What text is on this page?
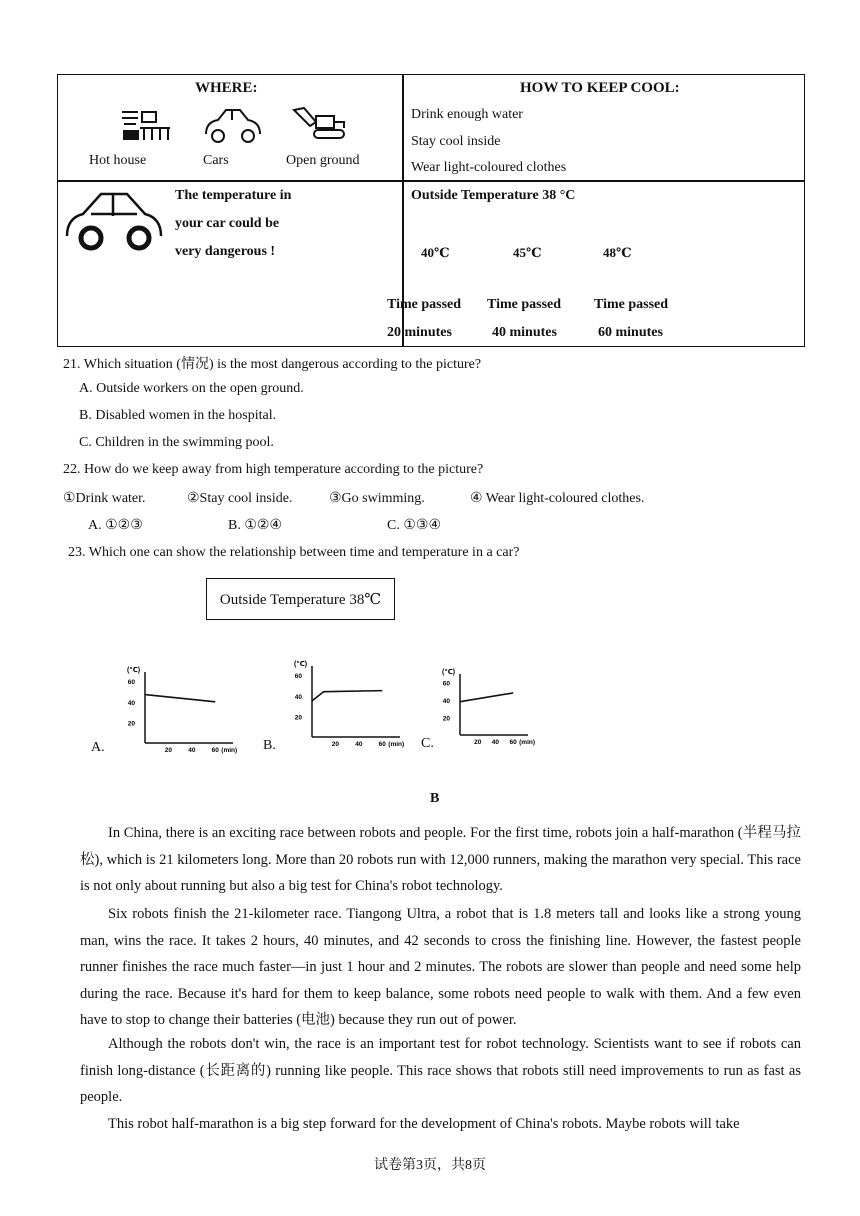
WHERE:	HOW TO KEEP COOL:
Hot house	Cars	Open ground
Drink enough water
Stay cool inside
Wear light-coloured clothes
The temperature in
your car could be
very dangerous !
Outside Temperature 38 °C
40℃	45℃	48℃
Time passed Time passed Time passed
20 minutes	40 minutes	60 minutes
21. Which situation (情况) is the most dangerous according to the picture?
A. Outside workers on the open ground.
B. Disabled women in the hospital.
C. Children in the swimming pool.
22. How do we keep away from high temperature according to the picture?
①Drink water.	②Stay cool inside.	③Go swimming.	④ Wear light-coloured clothes.
A. ①②③	B. ①②④	C. ①③④
23. Which one can show the relationship between time and temperature in a car?
Outside Temperature 38℃
A.	B.	C.
(℃)
20
40
60
20 40 60 (min)
(℃)
20
40
60
20 40 60 (min)
(℃)
20
40
60
20 40 60 (min)
B
In China, there is an exciting race between robots and people. For the first time, robots join a half-marathon (半程马拉松), which is 21 kilometers long. More than 20 robots run with 12,000 runners, making the marathon very special. This race is not only about running but also a big test for China's robot technology.
Six robots finish the 21-kilometer race. Tiangong Ultra, a robot that is 1.8 meters tall and looks like a strong young man, wins the race. It takes 2 hours, 40 minutes, and 42 seconds to cross the finishing line. However, the fastest people runner finishes the race much faster—in just 1 hour and 2 minutes. The robots are slower than people and need some help during the race. Because it's hard for them to keep balance, some robots need people to walk with them. And a few even have to stop to change their batteries (电池) because they run out of power.
Although the robots don't win, the race is an important test for robot technology. Scientists want to see if robots can finish long-distance (长距离的) running like people. This race shows that robots still need improvements to run as fast as people.
This robot half-marathon is a big step forward for the development of China's robots. Maybe robots will take
试卷第3页，共8页
